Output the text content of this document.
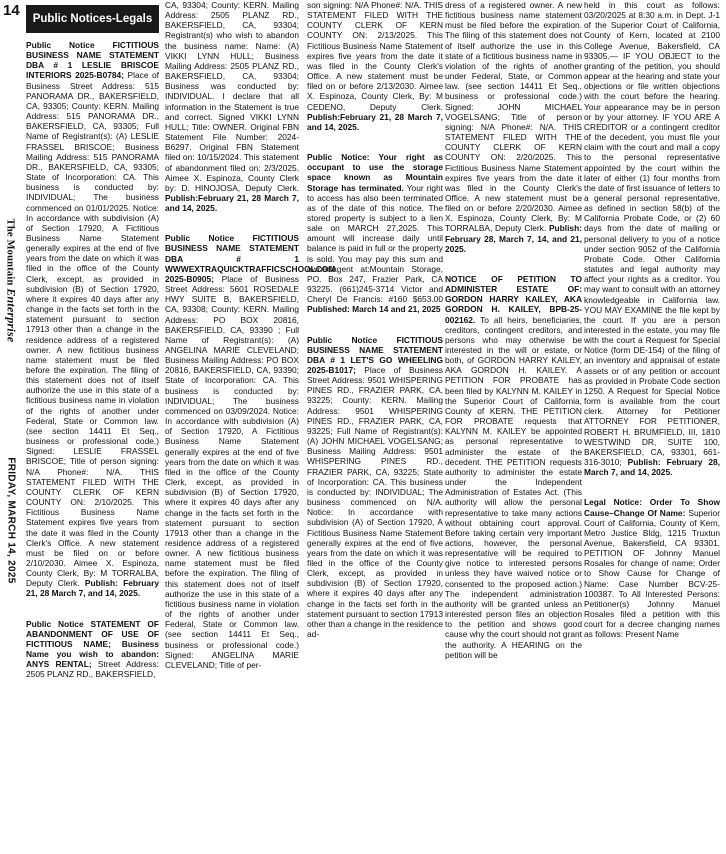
14
The Mountain Enterprise
FRIDAY, MARCH 14, 2025
Public Notices-Legals

Public Notice FICTITIOUS BUSINESS NAME STATEMENT DBA # 1 LESLIE BRISCOE INTERIORS 2025-B0784; Place of Business Street Address: 515 PANORAMA DR., BAKERSFIELD, CA, 93305; County: KERN. Mailing Address: 515 PANORAMA DR., BAKERSFIELD, CA, 93305; Full Name of Registrant(s): (A) LESLIE FRASSEL BRISCOE; Business Mailing Address: 515 PANORAMA DR., BAKERSFIELD, CA, 93305; State of Incorporation: CA. This business is conducted by: INDIVIDUAL; The business commenced on 01/01/2025. Notice: In accordance with subdivision (A) of Section 17920, A Fictitious Business Name Statement generally expires at the end of five years from the date on which it was filed in the office of the County Clerk, except, as provided in subdivision (B) of Section 17920, where it expires 40 days after any change in the facts set forth in the statement pursuant to section 17913 other than a change in the residence address of a registered owner. A new fictitious business name statement must be filed before the expiration. The filing of this statement does not of itself authorize the use in this state of a fictitious business name in violation of the rights of another under Federal, State or Common law. (see section 14411 Et Seq., business or professional code.) Signed: LESLIE FRASSEL BRISCOE; Title of person signing: N/A Phone#: N/A. THIS STATEMENT FILED WITH THE COUNTY CLERK OF KERN COUNTY ON: 2/10/2025. This Fictitious Business Name Statement expires five years from the date it was filed in the County Clerk's Office. A new statement must be filed on or before 2/10/2030. Aimee X. Espinoza, County Clerk, By: M TORRALBA, Deputy Clerk. Publish: February 21, 28 March 7, and 14, 2025.

Public Notice STATEMENT OF ABANDONMENT OF USE OF FICTITIOUS NAME; Business Name you wish to abandon: ANYS RENTAL; Street Address: 2505 PLANZ RD., BAKERSFIELD,

CA, 93304; County: KERN. Mailing Address: 2505 PLANZ RD., BAKERSFIELD, CA, 93304; Registrant(s) who wish to abandon the business name: Name: (A) VIKKI LYNN HULL; Business Mailing Address: 2505 PLANZ RD., BAKERSFIELD, CA, 93304; Business was conducted by: INDIVIDUAL. I declare that all information in the Statement is true and correct. Signed VIKKI LYNN HULL; Title: OWNER. Original FBN Statement File Number: 2024-B6297. Original FBN Statement filed on: 10/15/2024. This statement of abandonment filed on: 2/3/2025. Aimee X. Espinoza, County Clerk by: D. HINOJOSA, Deputy Clerk. Publish:February 21, 28 March 7, and 14, 2025.

Public Notice FICTITIOUS BUSINESS NAME STATEMENT DBA # 1 WWWEXTRAQUICKTRAFFICSCHOOLCOM 2025-B0905; Place of Business Street Address: 5601 ROSEDALE HWY SUITE B, BAKERSFIELD, CA, 93308; County: KERN. Mailing Address: PO BOX 20816, BAKERSFIELD, CA, 93390 ; Full Name of Registrant(s): (A) ANGELINA MARIE CLEVELAND; Business Mailing Address: PO BOX 20816, BAKERSFIELD, CA, 93390; State of Incorporation: CA. This business is conducted by: INDIVIDUAL; The business commenced on 03/09/2024. Notice: In accordance with subdivision (A) of Section 17920, A Fictitious Business Name Statement generally expires at the end of five years from the date on which it was filed in the office of the County Clerk, except, as provided in subdivision (B) of Section 17920, where it expires 40 days after any change in the facts set forth in the statement pursuant to section 17913 other than a change in the residence address of a registered owner. A new fictitious business name statement must be filed before the expiration. The filing of this statement does not of itself authorize the use in this state of a fictitious business name in violation of the rights of another under Federal, State or Common law. (see section 14411 Et Seq., business or professional code.) Signed: ANGELINA MARIE CLEVELAND; Title of per-

son signing: N/A Phone#: N/A. THIS STATEMENT FILED WITH THE COUNTY CLERK OF KERN COUNTY ON: 2/13/2025. This Fictitious Business Name Statement expires five years from the date it was filed in the County Clerk's Office. A new statement must be filed on or before 2/13/2030. Aimee X. Espinoza, County Clerk, By: M CEDENO, Deputy Clerk. Publish:February 21, 28 March 7, and 14, 2025.

Public Notice: Your right as occupant to use the storage space known as Mountain Storage has terminated. Your right to access has also been terminated as of the date of this notice. The stored property is subject to a lien sale on MARCH 27,2025. This amount will increase daily until balance is paid in full or the property is sold. You may pay this sum and owner/agent at:Mountain Storage, PO. Box 247, Frazier Park, CA 93225. (661)245-3714 Victor and Cheryl De Francis: #160 $653.00 Published: March 14 and 21, 2025

Public Notice FICTITIOUS BUSINESS NAME STATEMENT DBA # 1 LET'S GO WHEELING 2025-B1017; Place of Business Street Address: 9501 WHISPERING PINES RD., FRAZIER PARK, CA, 93225; County: KERN. Mailing Address: 9501 WHISPERING PINES RD., FRAZIER PARK, CA, 93225; Full Name of Registrant(s): (A) JOHN MICHAEL VOGELSANG; Business Mailing Address: 9501 WHISPERING PINES RD., FRAZIER PARK, CA, 93225; State of Incorporation: CA. This business is conducted by: INDIVIDUAL; The business commenced on N/A. Notice: In accordance with subdivision (A) of Section 17920, A Fictitious Business Name Statement generally expires at the end of five years from the date on which it was filed in the office of the County Clerk, except, as provided in subdivision (B) of Section 17920, where it expires 40 days after any change in the facts set forth in the statement pursuant to section 17913 other than a change in the residence ad-

dress of a registered owner. A new fictitious business name statement must be filed before the expiration. The filing of this statement does not of itself authorize the use in this state of a fictitious business name in violation of the rights of another under Federal, State, or Common law. (see section 14411 Et Seq., business or professional code.) Signed: JOHN MICHAEL VOGELSANG; Title of person signing: N/A Phone#: N/A. THIS STATEMENT FILED WITH THE COUNTY CLERK OF KERN COUNTY ON: 2/20/2025. This Fictitious Business Name Statement expires five years from the date it was filed in the County Clerk's Office. A new statement must be filed on or before 2/20/2030. Aimee X. Espinoza, County Clerk, By: M TORRALBA, Deputy Clerk. Publish: February 28, March 7, 14, and 21, 2025.

NOTICE OF PETITION TO ADMINISTER ESTATE OF: GORDON HARRY KAILEY, AKA GORDON H. KAILEY, BPB-25-002162. To all heirs, beneficiaries, creditors, contingent creditors, and persons who may otherwise be interested in the will or estate, or both, of GORDON HARRY KAILEY, AKA GORDON H. KAILEY. A PETITION FOR PROBATE has been filed by KALYNN M. KAILEY in the Superior Court of California, County of KERN. THE PETITION FOR PROBATE requests that KALYNN M. KAILEY be appointed as personal representative to administer the estate of the decedent. THE PETITION requests authority to administer the estate under the Independent Administration of Estates Act. (This authority will allow the personal representative to take many actions without obtaining court approval. Before taking certain very important actions, however, the personal representative will be required to give notice to interested persons unless they have waived notice or consented to the proposed action.) The independent administration authority will be granted unless an interested person files an objection to the petition and shows good cause why the court should not grant the authority. A HEARING on the petition will be

held in this court as follows: 03/20/2025 at 8:30 a.m. in Dept. J-1 of the Superior Court of California, County of Kern, located at 2100 College Avenue, Bakersfield, CA 93305.— IF YOU OBJECT to the granting of the petition, you should appear at the hearing and state your objections or file written objections with the court before the hearing. Your appearance may be in person or by your attorney. IF YOU ARE A CREDITOR or a contingent creditor of the decedent, you must file your claim with the court and mail a copy to the personal representative appointed by the court within the later of either (1) four months from the date of first issuance of letters to a general personal representative, as defined in section 58(b) of the California Probate Code, or (2) 60 days from the date of mailing or personal delivery to you of a notice under section 9052 of the California Probate Code. Other California statutes and legal authority may affect your rights as a creditor. You may want to consult with an attorney knowledgeable in California law. YOU MAY EXAMINE the file kept by the court. If you are a person interested in the estate, you may file with the court a Request for Special Notice (form DE-154) of the filing of an inventory and appraisal of estate assets or of any petition or account as provided in Probate Code section 1250. A Request for Special Notice form is available from the court clerk. Attorney for Petitioner ATTORNEY FOR PETITIONER, ROBERT H. BRUMFIELD, III, 1810 WESTWIND DR, SUITE 100, BAKERSFIELD, CA, 93301, 661-316-3010; Publish: February 28, March 7, and 14, 2025.

Legal Notice: Order To Show Cause–Change Of Name: Superior Court of California, County of Kern, Metro Justice Bldg, 1215 Truxtun Avenue, Bakersfield, CA 93301. PETITION OF Johnny Manuel Rosales for change of name; Order to Show Cause for Change of Name: Case Number BCV-25-100387. To All Interested Persons: Petitioner(s) Johnny Manuel Rosales filed a petition with this court for a decree changing names as follows: Present Name
